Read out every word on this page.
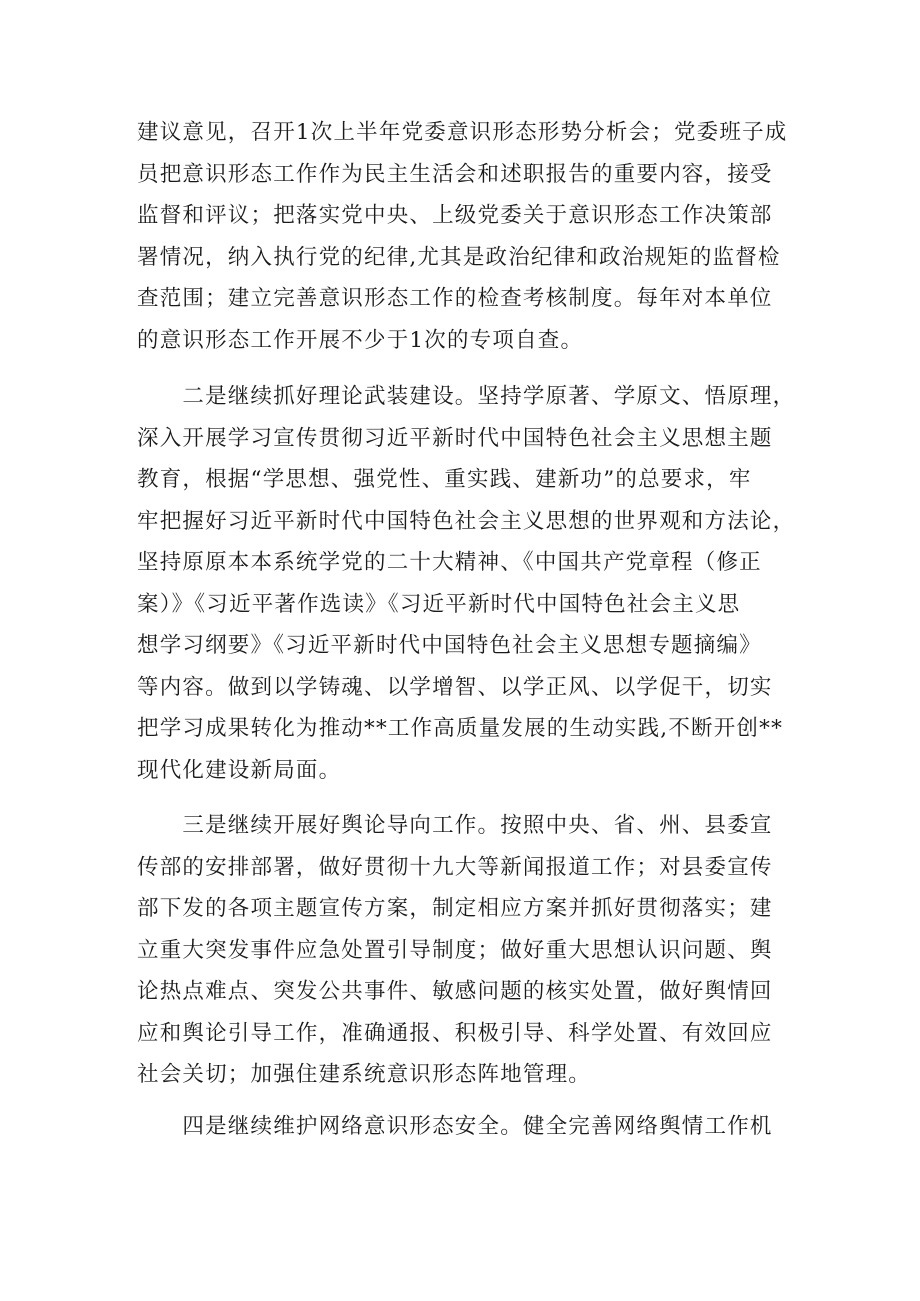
建议意见，召开1次上半年党委意识形态形势分析会；党委班子成
员把意识形态工作作为民主生活会和述职报告的重要内容，接受
监督和评议；把落实党中央、上级党委关于意识形态工作决策部
署情况，纳入执行党的纪律,尤其是政治纪律和政治规矩的监督检
查范围；建立完善意识形态工作的检查考核制度。每年对本单位
的意识形态工作开展不少于1次的专项自查。
　　二是继续抓好理论武装建设。坚持学原著、学原文、悟原理，
深入开展学习宣传贯彻习近平新时代中国特色社会主义思想主题
教育，根据“学思想、强党性、重实践、建新功”的总要求，牢
牢把握好习近平新时代中国特色社会主义思想的世界观和方法论，
坚持原原本本系统学党的二十大精神、《中国共产党章程（修正
案）》《习近平著作选读》《习近平新时代中国特色社会主义思
想学习纲要》《习近平新时代中国特色社会主义思想专题摘编》
等内容。做到以学铸魂、以学增智、以学正风、以学促干，切实
把学习成果转化为推动**工作高质量发展的生动实践,不断开创**
现代化建设新局面。
　　三是继续开展好舆论导向工作。按照中央、省、州、县委宣
传部的安排部署，做好贯彻十九大等新闻报道工作；对县委宣传
部下发的各项主题宣传方案，制定相应方案并抓好贯彻落实；建
立重大突发事件应急处置引导制度；做好重大思想认识问题、舆
论热点难点、突发公共事件、敏感问题的核实处置，做好舆情回
应和舆论引导工作，准确通报、积极引导、科学处置、有效回应
社会关切；加强住建系统意识形态阵地管理。
　　四是继续维护网络意识形态安全。健全完善网络舆情工作机
